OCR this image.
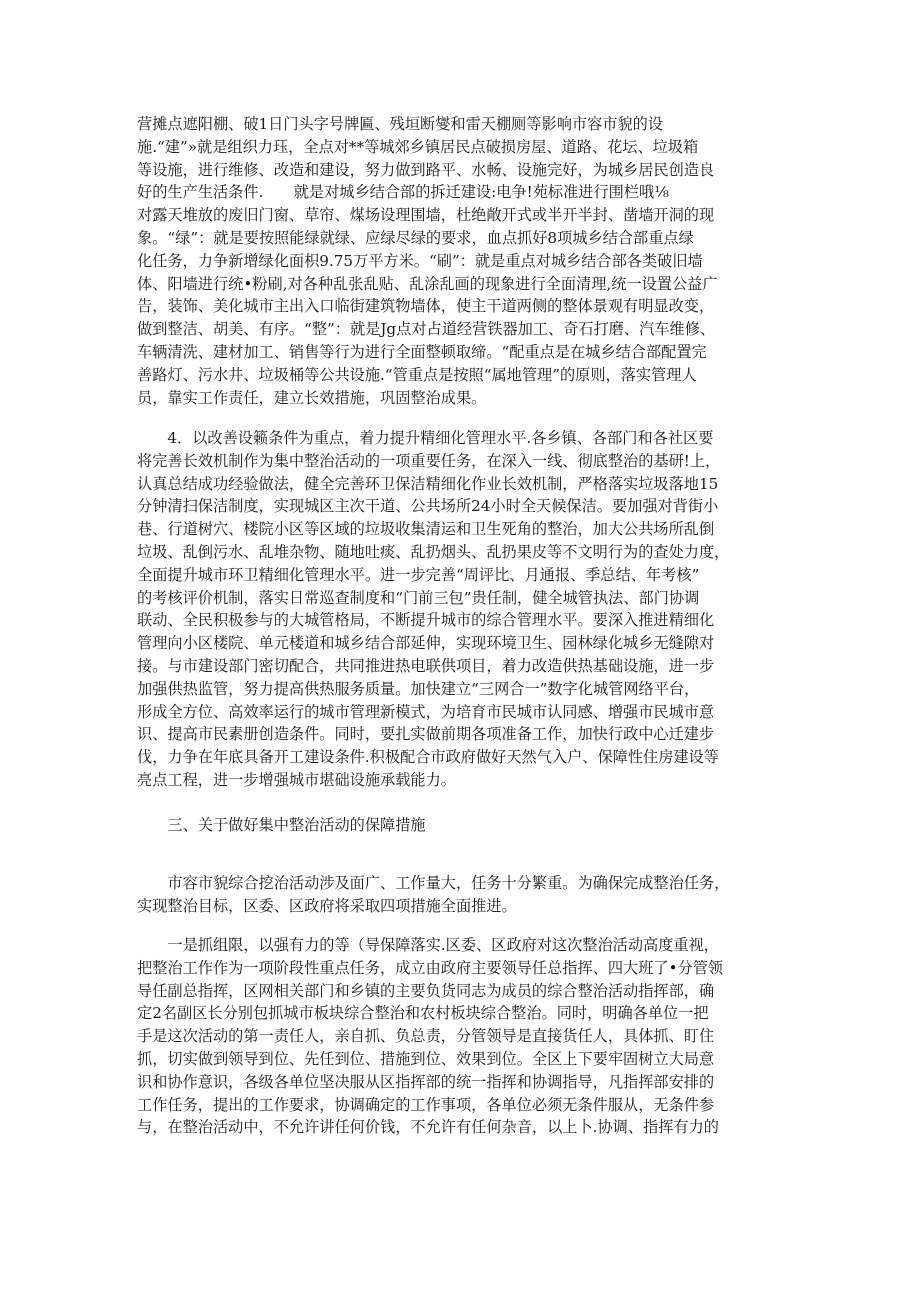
营摊点遮阳棚、破1日门头字号牌匾、残垣断燮和雷天棚厕等影响市容市貌的设
施.“建”»就是组织力珏，全点对**等城郊乡镇居民点破损房屋、道路、花坛、垃圾箱
等设施，进行维修、改造和建设，努力做到路平、水畅、设施完好，为城乡居民创造良
好的生产生活条件.　　就是对城乡结合部的拆迁建设:电争!苑标准进行围栏哦⅛
对露天堆放的废旧门窗、草帘、煤场设理围墙，杜绝敞开式或半开半封、凿墙开洞的现
象。“绿”：就是要按照能绿就绿、应绿尽绿的要求，血点抓好8项城乡结合部重点绿
化任务，力争新增绿化面枳9.75万平方米。“刷”：就是重点对城乡结合部各类破旧墙
体、阳墙进行统•粉刷,对各种乱张乱贴、乱涂乱画的现象进行全面清理,统一设置公益广
告，装饰、美化城市主出入口临街建筑物墙体，使主干道两侧的整体景观有明显改变，
做到整洁、胡美、有序。“整”：就是Jg点对占道经营铁器加工、奇石打磨、汽车维修、
车辆清洗、建材加工、销售等行为进行全面整顿取缔。“配重点是在城乡结合部配置完
善路灯、污水井、垃圾桶等公共设施.“管重点是按照“属地管理”的原则，落实管理人
员，靠实工作责任，建立长效措施，巩固整治成果。
　　4．以改善设籁条件为重点，着力提升精细化管理水平.各乡镇、各部门和各社区要
将完善长效机制作为集中整治活动的一项重要任务，在深入一线、彻底整治的基研!上，
认真总结成功经验做法，健全完善环卫保洁精细化作业长效机制，严格落实垃圾落地15
分钟清扫保洁制度，实现城区主次干道、公共场所24小时全天候保洁。要加强对背街小
巷、行道树穴、楼院小区等区域的垃圾收集清运和卫生死角的整治，加大公共场所乱倒
垃圾、乱倒污水、乱堆杂物、随地吐痰、乱扔烟头、乱扔果皮等不文明行为的查处力度，
全面提升城市环卫精细化管理水平。进一步完善“周评比、月通报、季总结、年考核”
的考核评价机制，落实日常巡查制度和“门前三包”贵任制，健全城管执法、部门协调
联动、全民积极参与的大城管格局，不断提升城市的综合管理水平。要深入推进精细化
管理向小区楼院、单元楼道和城乡结合部延伸，实现环境卫生、园林绿化城乡无缝隙对
接。与市建设部门密切配合，共同推进热电联供项目，着力改造供热基础设施，进一步
加强供热监管，努力提高供热服务质量。加快建立“三网合一”数字化城管网络平台，
形成全方位、高效率运行的城市管理新模式，为培育市民城市认同感、增强市民城市意
识、提高市民素册创造条件。同时，要扎实做前期各项准备工作，加快行政中心迁建步
伐，力争在年底具备开工建设条件.积极配合市政府做好天然气入户、保障性住房建设等
亮点工程，进一步增强城市堪础设施承载能力。
　　三、关于做好集中整治活动的保障措施
　　市容市貌综合挖治活动涉及面广、工作量大，任务十分繁重。为确保完成整治任务，
实现整治目标，区委、区政府将采取四项措施全面推进。
　　一是抓组限，以强有力的等（导保障落实.区委、区政府对这次整治活动高度重视，
把整治工作作为一项阶段性重点任务，成立由政府主要领导任总指挥、四大班了•分管领
导任副总指挥，区网相关部门和乡镇的主要负货同志为成员的综合整治活动指挥部，确
定2名副区长分别包抓城市板块综合整治和农村板块综合整治。同时，明确各单位一把
手是这次活动的第一责任人，亲自抓、负总责，分管领导是直接货任人，具体抓、盯住
抓，切实做到领导到位、先任到位、措施到位、效果到位。全区上下要牢固树立大局意
识和协作意识，各级各单位坚决服从区指挥部的统一指挥和协调指导，凡指挥部安排的
工作任务，提出的工作要求，协调确定的工作事项，各单位必须无条件服从，无条件参
与，在整治活动中，不允许讲任何价钱，不允许有任何杂音，以上卜.协调、指挥有力的
